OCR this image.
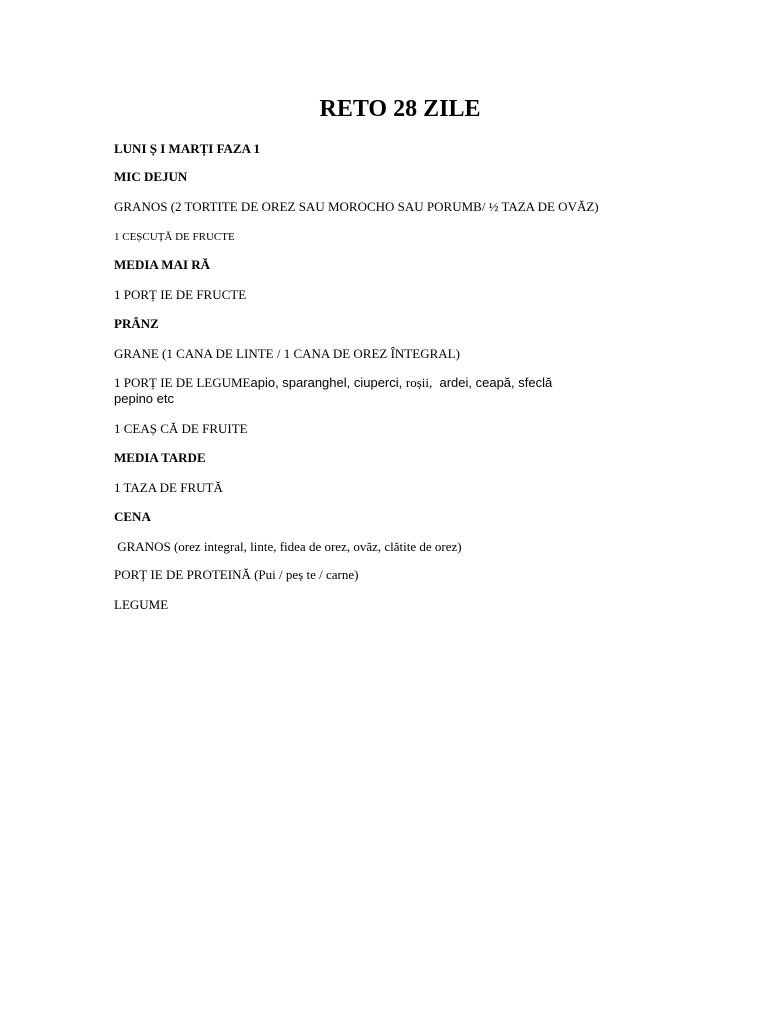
RETO 28 ZILE
LUNI Ș I MARȚI FAZA 1
MIC DEJUN
GRANOS (2 TORTITE DE OREZ SAU MOROCHO SAU PORUMB/ ½ TAZA DE OVĂZ)
1 CEȘCUȚĂ DE FRUCTE
MEDIA MAI RĂ
1 PORȚ IE DE FRUCTE
PRÂNZ
GRANE (1 CANA DE LINTE / 1 CANA DE OREZ ÎNTEGRAL)
1 PORȚ IE DE LEGUMEapio, sparanghel, ciuperci, roșii,  ardei, ceapă, sfeclă
pepino etc
1 CEAȘ CĂ DE FRUITE
MEDIA TARDE
1 TAZA DE FRUTĂ
CENA
GRANOS (orez integral, linte, fidea de orez, ovăz, clătite de orez)
PORȚ IE DE PROTEINĂ (Pui / peș te / carne)
LEGUME
